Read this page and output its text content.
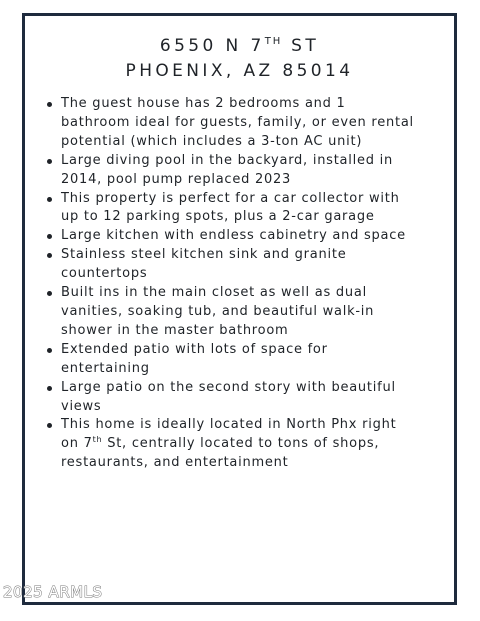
6550 N 7TH ST
PHOENIX, AZ 85014
The guest house has 2 bedrooms and 1
bathroom ideal for guests, family, or even rental
potential (which includes a 3-ton AC unit)
Large diving pool in the backyard, installed in
2014, pool pump replaced 2023
This property is perfect for a car collector with
up to 12 parking spots, plus a 2-car garage
Large kitchen with endless cabinetry and space
Stainless steel kitchen sink and granite
countertops
Built ins in the main closet as well as dual
vanities, soaking tub, and beautiful walk-in
shower in the master bathroom
Extended patio with lots of space for
entertaining
Large patio on the second story with beautiful
views
This home is ideally located in North Phx right
on 7th St, centrally located to tons of shops,
restaurants, and entertainment
2025 ARMLS
